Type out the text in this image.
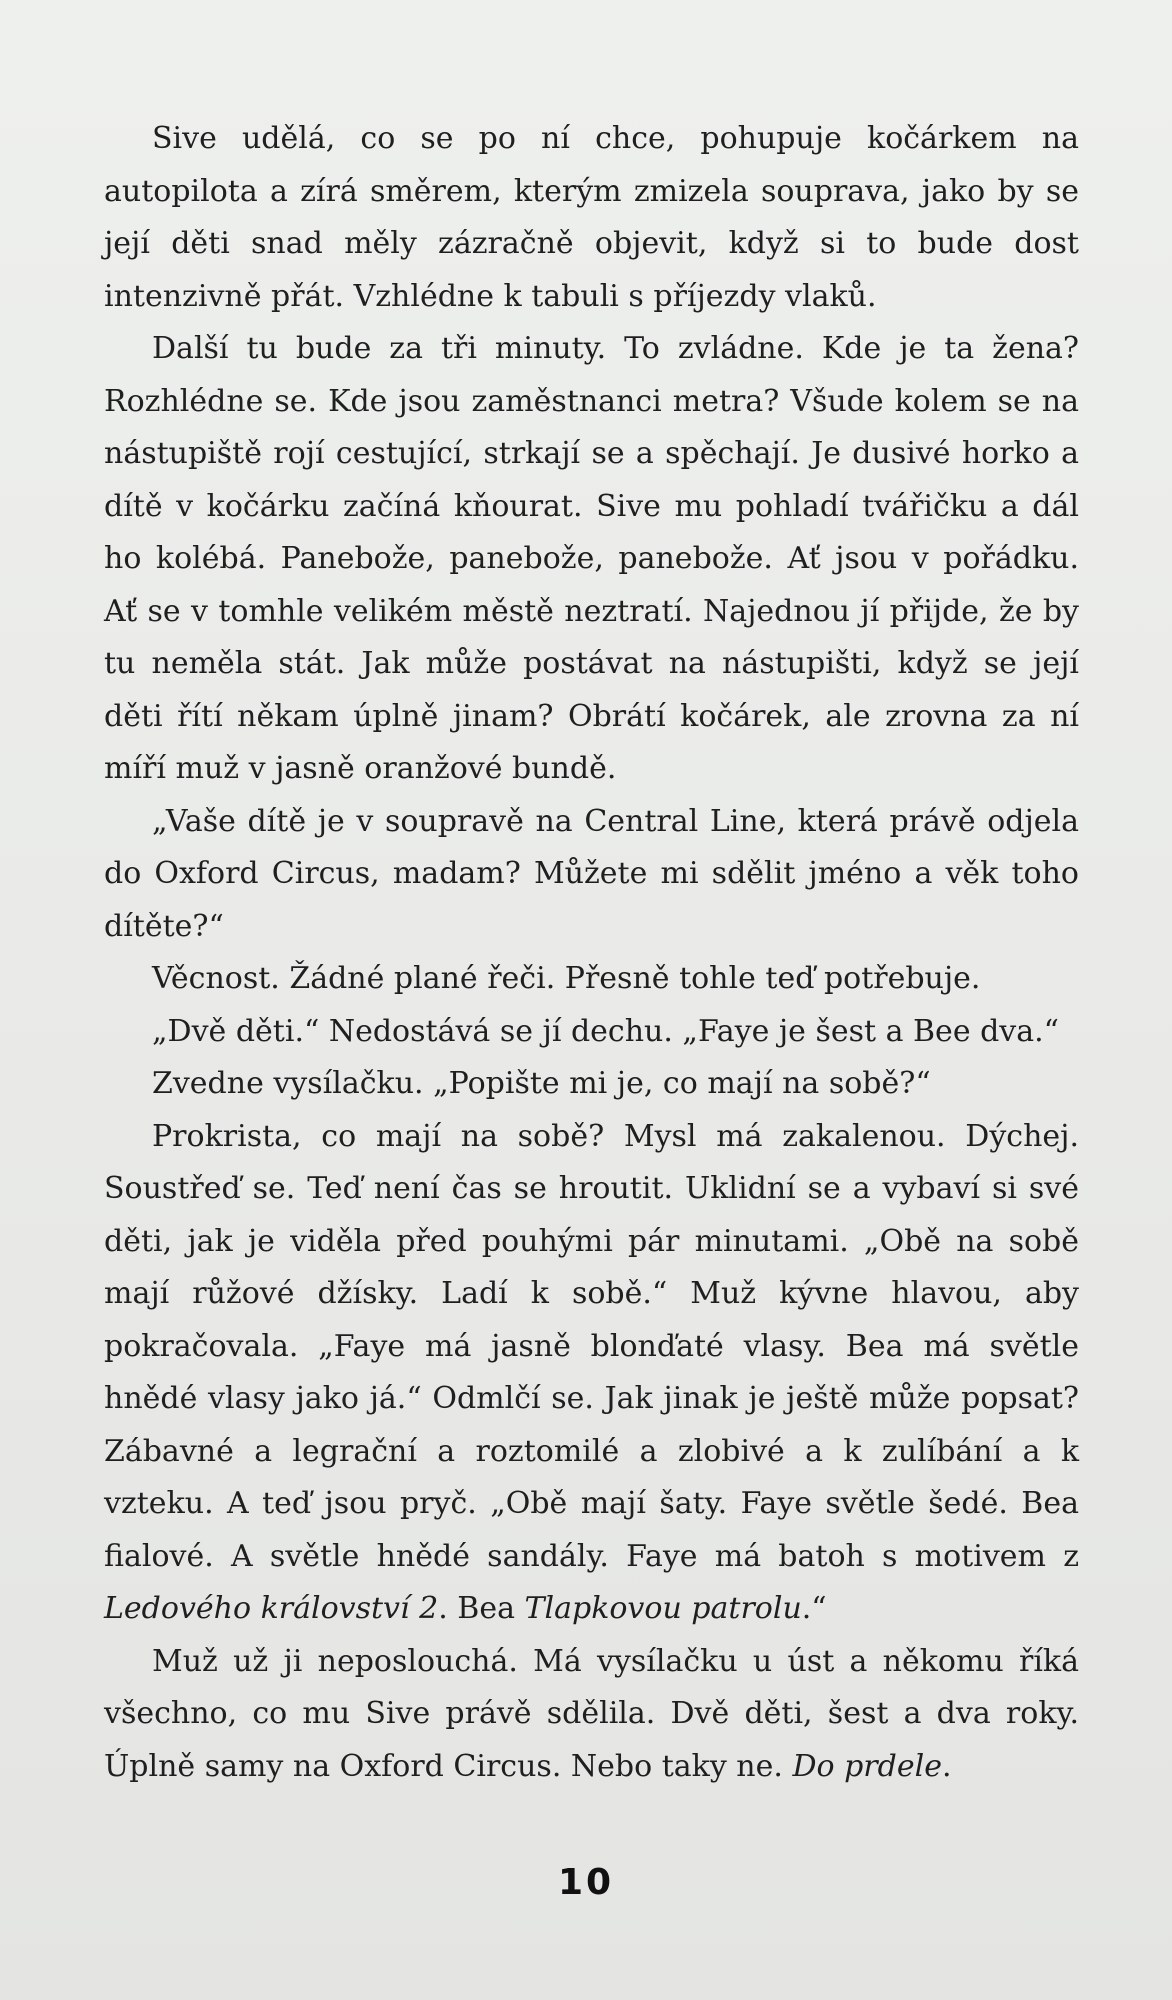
Sive udělá, co se po ní chce, pohupuje kočárkem na autopilota a zírá směrem, kterým zmizela souprava, jako by se její děti snad měly zázračně objevit, když si to bude dost intenzivně přát. Vzhlédne k tabuli s příjezdy vlaků.

Další tu bude za tři minuty. To zvládne. Kde je ta žena? Rozhlédne se. Kde jsou zaměstnanci metra? Všude kolem se na nástupiště rojí cestující, strkají se a spěchají. Je dusivé horko a dítě v kočárku začíná kňourat. Sive mu pohladí tvářičku a dál ho kolébá. Panebože, panebože, panebože. Ať jsou v pořádku. Ať se v tomhle velikém městě neztratí. Najednou jí přijde, že by tu neměla stát. Jak může postávat na nástupišti, když se její děti řítí někam úplně jinam? Obrátí kočárek, ale zrovna za ní míří muž v jasně oranžové bundě.

„Vaše dítě je v soupravě na Central Line, která právě odjela do Oxford Circus, madam? Můžete mi sdělit jméno a věk toho dítěte?“

Věcnost. Žádné plané řeči. Přesně tohle teď potřebuje.

„Dvě děti.“ Nedostává se jí dechu. „Faye je šest a Bee dva.“

Zvedne vysílačku. „Popište mi je, co mají na sobě?“

Prokrista, co mají na sobě? Mysl má zakalenou. Dýchej. Soustřeď se. Teď není čas se hroutit. Uklidní se a vybaví si své děti, jak je viděla před pouhými pár minutami. „Obě na sobě mají růžové džísky. Ladí k sobě.“ Muž kývne hlavou, aby pokračovala. „Faye má jasně blonďaté vlasy. Bea má světle hnědé vlasy jako já.“ Odmlčí se. Jak jinak je ještě může popsat? Zábavné a legrační a roztomilé a zlobivé a k zulíbání a k vzteku. A teď jsou pryč. „Obě mají šaty. Faye světle šedé. Bea fialové. A světle hnědé sandály. Faye má batoh s motivem z Ledového království 2. Bea Tlapkovou patrolu.“

Muž už ji neposlouchá. Má vysílačku u úst a někomu říká všechno, co mu Sive právě sdělila. Dvě děti, šest a dva roky. Úplně samy na Oxford Circus. Nebo taky ne. Do prdele.

10
